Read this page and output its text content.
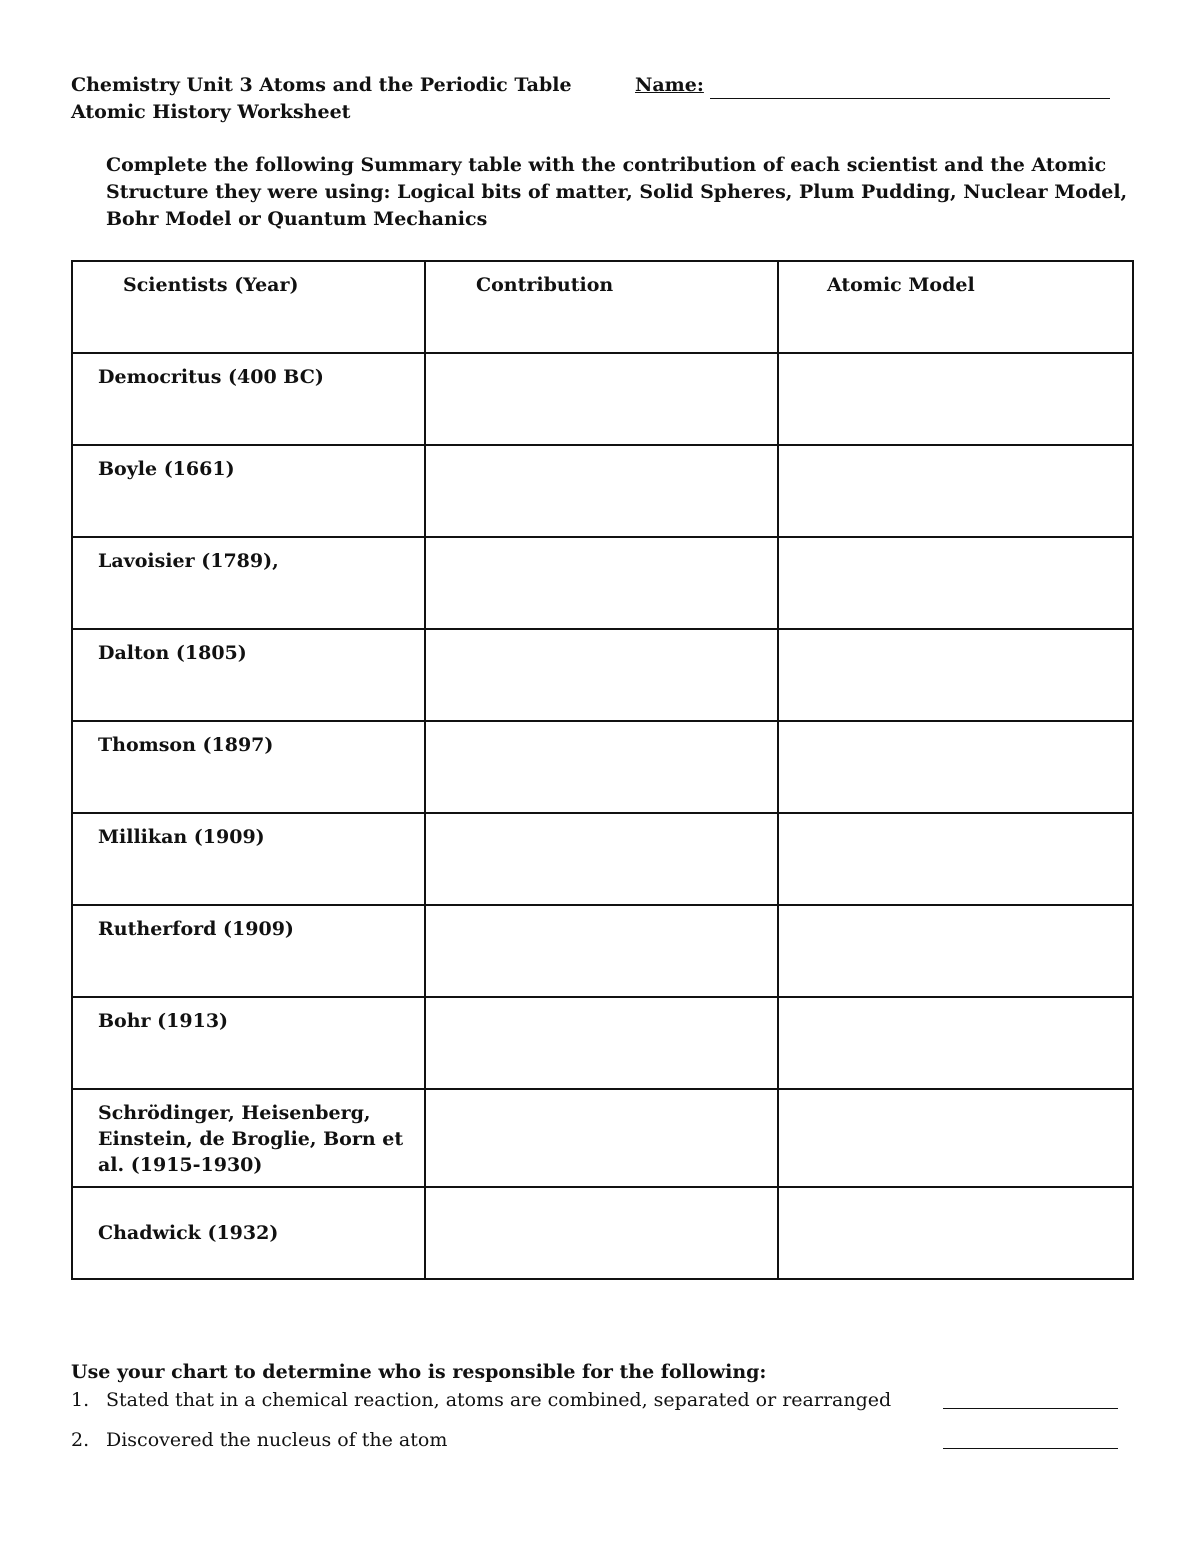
Chemistry Unit 3 Atoms and the Periodic Table
Atomic History Worksheet
Name:
Complete the following Summary table with the contribution of each scientist and the Atomic Structure they were using: Logical bits of matter, Solid Spheres, Plum Pudding, Nuclear Model, Bohr Model or Quantum Mechanics
Scientists (Year)	Contribution	Atomic Model
Democritus (400 BC)		
Boyle (1661)		
Lavoisier (1789),		
Dalton (1805)		
Thomson (1897)		
Millikan (1909)		
Rutherford (1909)		
Bohr (1913)		
Schrödinger, Heisenberg, Einstein, de Broglie, Born et al. (1915-1930)		
Chadwick (1932)		
Use your chart to determine who is responsible for the following:
1. Stated that in a chemical reaction, atoms are combined, separated or rearranged
2. Discovered the nucleus of the atom
